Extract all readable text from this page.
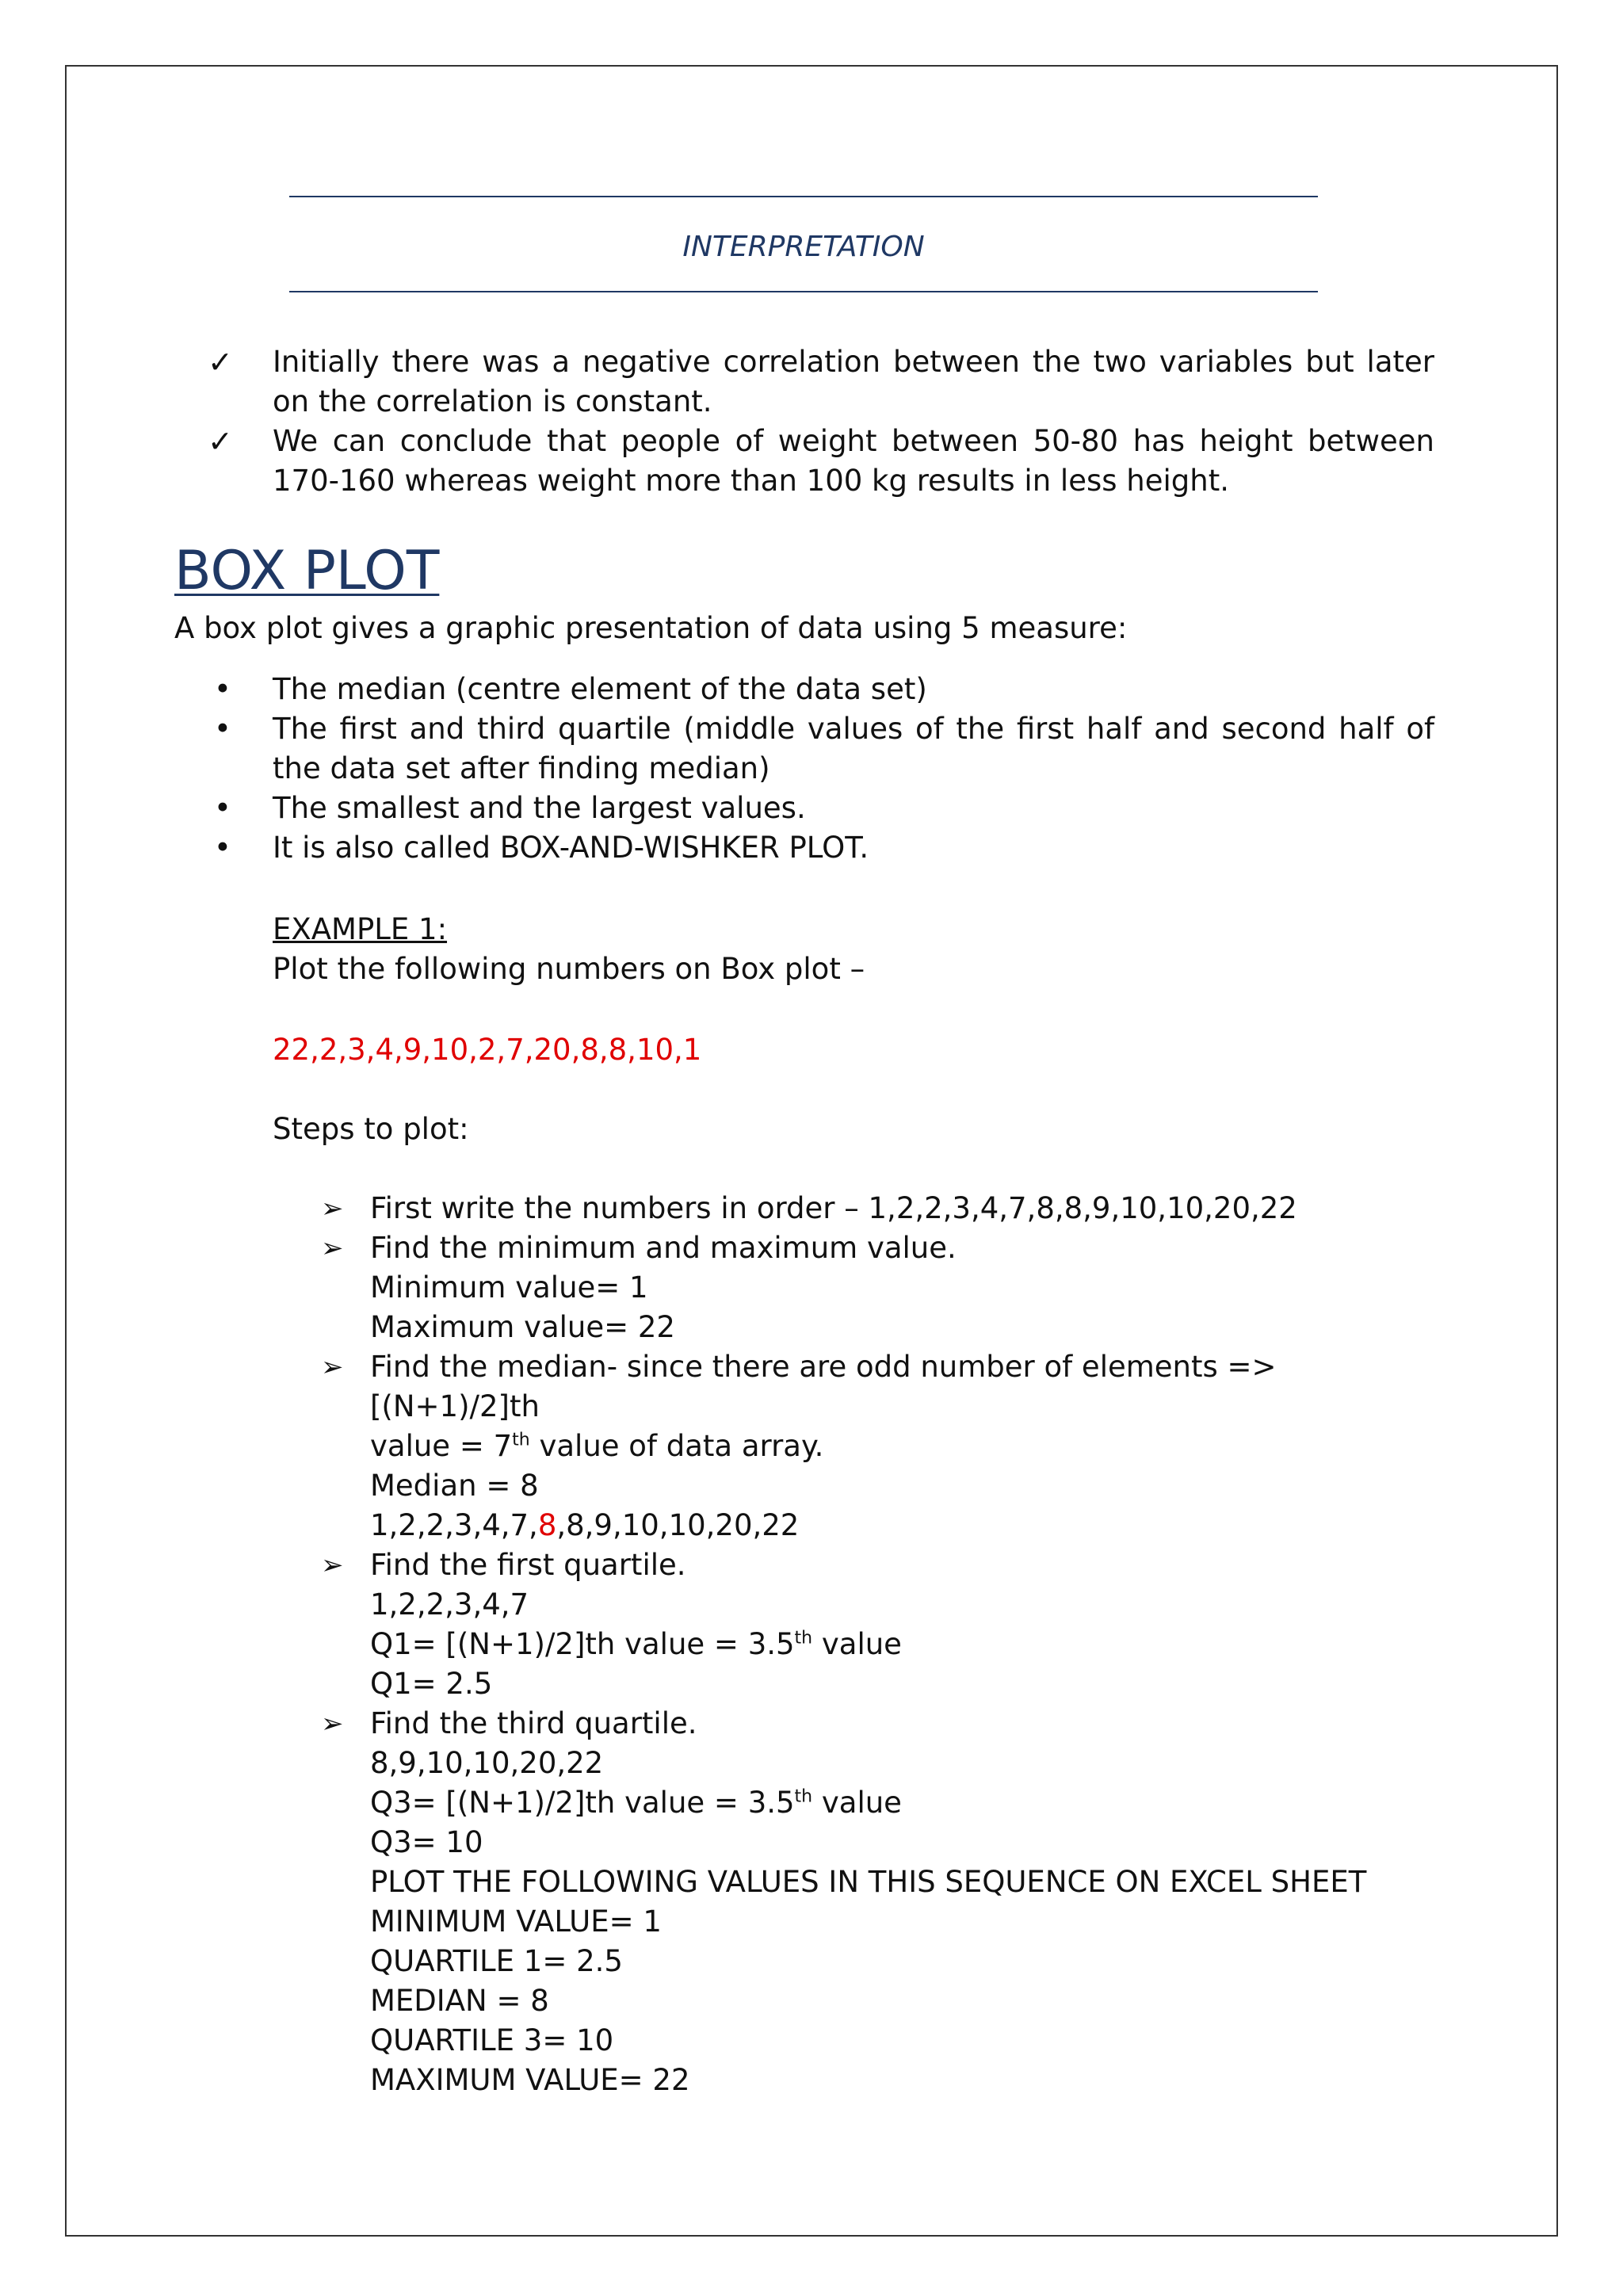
INTERPRETATION

✓ Initially there was a negative correlation between the two variables but later on the correlation is constant.

✓ We can conclude that people of weight between 50-80 has height between 170-160 whereas weight more than 100 kg results in less height.

BOX PLOT
A box plot gives a graphic presentation of data using 5 measure:

• The median (centre element of the data set)

• The first and third quartile (middle values of the first half and second half of the data set after finding median)

• The smallest and the largest values.

• It is also called BOX-AND-WISHKER PLOT.

EXAMPLE 1:
Plot the following numbers on Box plot –
22,2,3,4,9,10,2,7,20,8,8,10,1
Steps to plot:
➢ First write the numbers in order – 1,2,2,3,4,7,8,8,9,10,10,20,22
➢ Find the minimum and maximum value.
Minimum value= 1
Maximum value= 22
➢ Find the median- since there are odd number of elements => [(N+1)/2]th
value = 7th value of data array.
Median = 8
1,2,2,3,4,7,8,8,9,10,10,20,22
➢ Find the first quartile.
1,2,2,3,4,7
Q1= [(N+1)/2]th value = 3.5th value
Q1= 2.5
➢ Find the third quartile.
8,9,10,10,20,22
Q3= [(N+1)/2]th value = 3.5th value
Q3= 10
PLOT THE FOLLOWING VALUES IN THIS SEQUENCE ON EXCEL SHEET
MINIMUM VALUE= 1
QUARTILE 1= 2.5
MEDIAN = 8
QUARTILE 3= 10
MAXIMUM VALUE= 22
